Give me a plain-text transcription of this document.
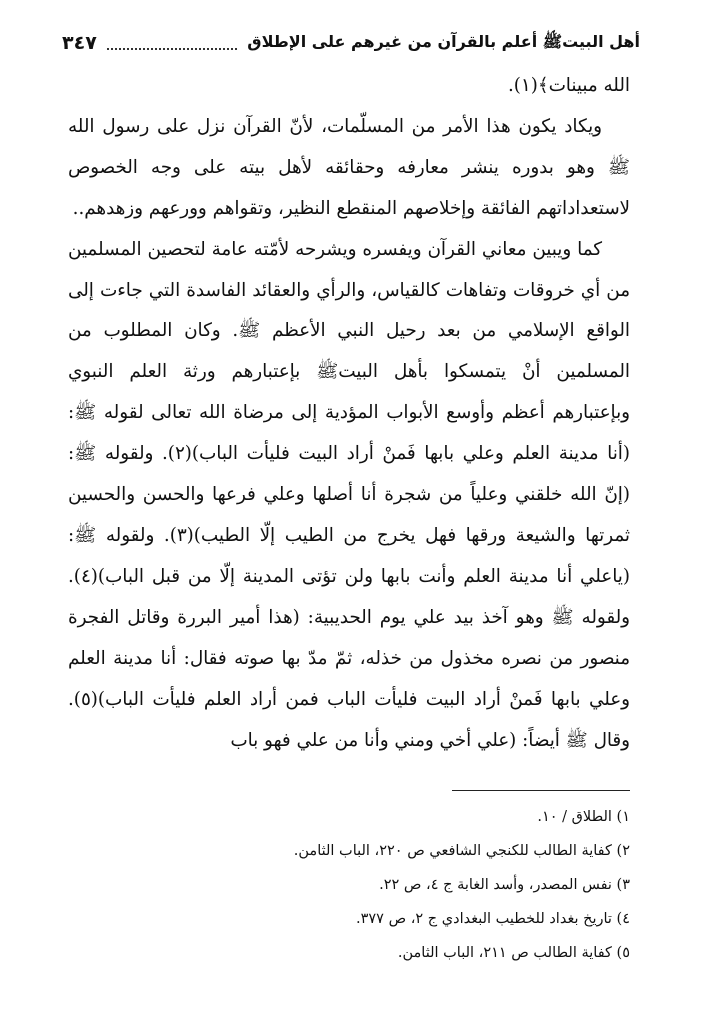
أهل البيتﷺ أعلم بالقرآن من غيرهم على الإطلاق
٣٤٧

الله مبينات﴾(١).

ويكاد يكون هذا الأمر من المسلّمات، لأنّ القرآن نزل على رسول الله ﷺ وهو بدوره ينشر معارفه وحقائقه لأهل بيته على وجه الخصوص لاستعداداتهم الفائقة وإخلاصهم المنقطع النظير، وتقواهم وورعهم وزهدهم..

كما ويبين معاني القرآن ويفسره ويشرحه لأمّته عامة لتحصين المسلمين من أي خروقات وتفاهات كالقياس، والرأي والعقائد الفاسدة التي جاءت إلى الواقع الإسلامي من بعد رحيل النبي الأعظم ﷺ. وكان المطلوب من المسلمين أنْ يتمسكوا بأهل البيتﷺ بإعتبارهم ورثة العلم النبوي وبإعتبارهم أعظم وأوسع الأبواب المؤدية إلى مرضاة الله تعالى لقوله ﷺ: (أنا مدينة العلم وعلي بابها فَمنْ أراد البيت فليأت الباب)(٢). ولقوله ﷺ: (إنّ الله خلقني وعلياً من شجرة أنا أصلها وعلي فرعها والحسن والحسين ثمرتها والشيعة ورقها فهل يخرج من الطيب إلّا الطيب)(٣). ولقوله ﷺ: (ياعلي أنا مدينة العلم وأنت بابها ولن تؤتى المدينة إلّا من قبل الباب)(٤). ولقوله ﷺ وهو آخذ بيد علي يوم الحديبية: (هذا أمير البررة وقاتل الفجرة منصور من نصره مخذول من خذله، ثمّ مدّ بها صوته فقال: أنا مدينة العلم وعلي بابها فَمنْ أراد البيت فليأت الباب فمن أراد العلم فليأت الباب)(٥). وقال ﷺ أيضاً: (علي أخي ومني وأنا من علي فهو باب

١) الطلاق / ١٠.
٢) كفاية الطالب للكنجي الشافعي ص ٢٢٠، الباب الثامن.
٣) نفس المصدر، وأسد الغابة ج ٤، ص ٢٢.
٤) تاريخ بغداد للخطيب البغدادي ج ٢، ص ٣٧٧.
٥) كفاية الطالب ص ٢١١، الباب الثامن.
